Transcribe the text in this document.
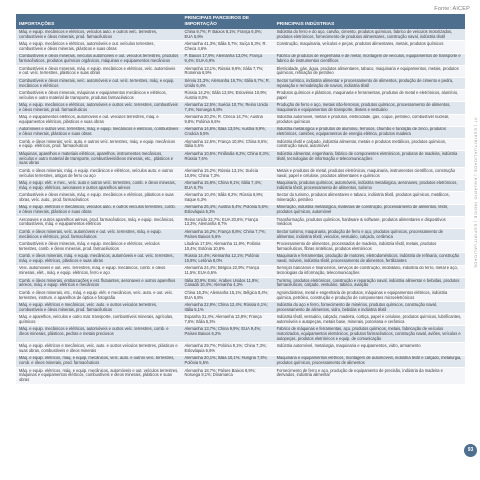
Fonte: AICEP
IMPORTAÇÕES	PRINCIPAIS PARCEIROS DE IMPORTAÇÃO	PRINCIPAIS INDÚSTRIAS
Máq. e equip. mecânicos e elétricos, veículos auto. e outros veíc. terrestres, combustíveis e óleos minerais, prod. farmacêuticos	China 9,7%; P. Baixos 8,1%; França 6,0%; EUA 5,9%	Indústria do ferro e do aço, carvão, cimento, produtos químicos, fabrico de veículos motorizados, produtos eletrónicos, fornecimento de produtos alimentares, construção naval, indústria têxtil
Máq. e equip. mecânicos e elétricos, automóveis e out. veículos terrestres, combustíveis e óleos minerais, plásticos e suas obras	Alemanha 41,3%; Itália 5,7%; Suíça 5,3%; R. Checa 4,6%	Construção, maquinaria, veículos e peças, produtos alimentares, metais, produtos químicos
Combustíveis e óleos minerais, veículos automóveis e out. veículos terrestres, produtos farmacêuticos, produtos químicos orgânicos, máquinas e equipamentos mecânicos	P. Baixos 17,9%; Alemanha 13,0%; França 9,4%; EUA 6,9%	Fabrico de produtos de engenharia e de metal, montagem de veículos, equipamentos de transporte e fabrico de instrumentos científicos
Combustíveis e óleos minerais, máq. e equip. mecânicos e elétricos, veíc. automóveis e out. veíc. terrestres, plásticos e suas obras	Alemanha 13,1%; Rússia 9,9%; Itália 7,7%; Roménia 6,9%	Eletricidade, gás, água, produtos alimentares, tabaco, maquinaria e equipamentos, metais, produtos químicos, refinação de petróleo
Combustíveis e óleos minerais, veíc. automóveis e out. veíc. terrestres, máq. e equip. mecânicos e elétricos	Sérvia 21,3%; Alemanha 16,7%; Itália 6,7%; R. Unido 6,4%	Sector turístico, indústria alimentar e processamento de alimentos, produção de cimento e pedra, reparação e remodelação de navios, indústria têxtil
Combustíveis e óleos minerais, máquinas e equipamentos mecânicos e elétricos, veículos e outro material de transporte, produtos farmacêuticos	Rússia 14,2%; Itália 12,5%; Eslovénia 10,9%; Áustria 8,0%	Produtos químicos e plásticos, maquinaria e ferramentas, produtos de metal e eletrónicos, alumínio, papel
Máq. e equip. mecânicos e elétricos, automóveis e outros veíc. terrestres, combustíveis e óleos minerais, prod. farmacêuticos	Alemanha 12,5%; Suécia 10,7%; Reino Unido 7,4%; Noruega 5,8%	Produção de ferro e aço, metais não-ferrosos, produtos químicos, processamento de alimentos, maquinaria e equipamentos de transporte, têxteis e vestuário
Máq. e equipamentos elétricos, automóveis e out. veículos terrestres, máq. e equipamentos elétricos, plásticos e suas obras	Alemanha 20,2%; R. Checa 14,7%; Áustria 9,8%; Polónia 6,6%	Indústria automóvel, metais e produtos, eletricidade, gás, coque, petróleo, combustível nuclear, produtos químicos
Automóveis e outros veíc. terrestres, máq. e equip. mecânicos e elétricos, combustíveis e óleos minerais, plásticos e suas obras	Alemanha 14,6%; Itália 13,5%; Áustria 9,9%; Croácia 5,5%	Indústria metalúrgica e produtos de alumínio, ferrosos, chumbo e fundição de zinco, produtos eletrónicos, camiões, equipamentos de energia elétrica, produtos madeira
Comb. e óleos minerais; veíc. auto. e outros veíc. terrestres, máq. e equip. mecânicos e equip. elétricos, prod. farmacêuticos	Alemanha 12,6%; França 10,8%; China 8,6%; Itália 6,6%	Indústria têxtil e calçado, indústria alimentar, metais e produtos metálicos, produtos químicos, construção naval, automóvel
Máquinas, aparelhos e materiais elétricos, aparelhos, instrumentos mecânicos, veículos e outro material de transporte, combustíveis/óleos minerais, etc., plásticos e suas obras	Alemanha 10,5%; Finlândia 9,2%; China 8,3%; Rússia 7,6%	Indústria alimentar, engenharia, fabrico de componentes eletrónicos, produtos de madeira, indústria têxtil, tecnologias de informação e telecomunicações
Comb. e óleos minerais, máq. e equip. mecânicos e elétricos, veículos auto. e outros veículos terrestres, artigos de ferro ou aço	Alemanha 15,2%; Rússia 13,1%; Suécia 10,9%; China 7,3%	Metais e produtos de metal, produtos eletrónicos, maquinaria, instrumentos científicos, construção naval, papel e celulose, produtos alimentares e químicos
Máq. e equip. elét. e mec., veíc. auto e outros veíc. terrestres, comb. e óleos minerais, máq. e equip. elétricos, aeronaves e outros aparelhos aéreos	Alemanha 15,8%; China 9,1%; Itália 7,4%; EUA 6,7%	Maquinaria, produtos químicos, automóveis, indústria metalúrgica, aeronaves, produtos eletrónicos, indústria têxtil, processamento de alimentos, turismo
Combustíveis e óleos minerais, máq. e equip. mecânicos e elétricos, plásticos e suas obras, veíc. auto., prod. farmacêuticos	Alemanha 10,4%; Itália 8,2%; Rússia 6,8%; Iraque 6,3%	Sector do turismo, produtos alimentares e tabaco, indústria têxtil, produtos químicos, metálicos, mineração, petróleo
Máq. e equip. elétricos e mecânicos, veículos auto. e outros veículos terrestres, comb. e óleos minerais, plásticos e suas obras	Alemanha 26,4%; Áustria 6,4%; Polónia 5,6%; Eslováquia 5,3%	Mineração, indústria metalúrgica, materiais de construção, processamento de alimentos, têxtil, produtos químicos, automóvel
Aeronaves e outros aparelhos aéreos, prod. farmacêuticos, máq. e equip. mecânicos, combustíveis, máq. e equipamentos elétricos	Reino Unido 22,7%; EUA 20,6%; França 13,3%; Alemanha 8,7%	Transformação, produtos químicos, hardware & software, produtos alimentares e dispositivos médicos
Comb. e óleos minerais, veíc. automóveis e out. veíc. terrestres, máq. e equip. mecânicos e elétricos, prod. farmacêuticos	Alemanha 16,2%; França 8,8%; China 7,7%; Países Baixos 5,6%	Sector turismo, maquinaria, produção de ferro e aço, produtos químicos, processamento de alimentos, indústria têxtil, veículos, vestuário, calçado, cerâmica
Combustíveis e óleos minerais, máq. e equip. mecânicos e elétricos, veículos terrestres, comb. e óleos minerais, prod. farmacêuticos	Lituânia 17,5%; Alemanha 11,9%; Polónia 10,4%; Estónia 10,8%	Processamento de alimentos, processados de madeira, indústria têxtil, metais, produtos farmacêuticos, fibras sintéticas, produtos eletrónicos
Comb. e óleos minerais, máq. e equip. mecânicos, automóveis e out. veíc. terrestres, máq. e equip. elétricos, plásticos e suas obras	Rússia 14,4%; Alemanha 12,1%; Polónia 10,8%; Letónia 8,0%	Maquinaria e ferramentas, produção de motores, eletrodomésticos, indústria de refinaria, construção naval, móveis, indústria têxtil, processamento de alimentos, fertilizantes
Veíc. automóveis e out. veíc. terrestres, máq. e equip. mecânicos, comb. e óleos minerais, elét., máq. e equip. elétricos, ferro e aço	Alemanha 24,4%; Bélgica 22,9%; França 11,5%; EUA 6,6%	Serviços bancários e financeiros, serviços de construção, imobiliário, indústria do ferro, metal e aço, tecnologias da informação, telecomunicações
Comb. e óleos minerais, embarcações e est. flutuantes, aeronaves e outros aparelhos aéreos, máq. e equip. elétricos e mecânicos	Itália 20,9%; Emir. Árabes Unidos 11,8%; Canadá 10,4%; Alemanha 4,3%	Turismo, produtos eletrónicos, construção e reparação naval, indústria alimentar e bebidas, produtos farmacêuticos, calçado, vestuário, tabaco, aviação
Comb. e óleos minerais, etc., máq. e equip. elét. e mecânicos, veíc. auto. e out. veíc. terrestres, instrum. e aparelhos de óptica e fotografia	China 16,3%; Alemanha 15,1%; Bélgica 8,4%; EUA 6,8%	Agroindústrias, metal e engenharia de produtos, máquinas e equipamentos elétricos, indústria química, petróleo, construção e produção de componentes microeletrónicos
Máq. e equip. elétricos e mecânicos, veíc. auto. e outros veículos terrestres, combustíveis e óleos minerais, prod. farmacêuticos	Alemanha 22,9%; China 12,4%; Rússia 6,1%; Itália 5,1%	Indústria do aço e ferro, fornecimento de minérios, produtos químicos, construção naval, processamento de alimentos, vidro, bebidas e indústria têxtil
Máq. e aparelhos, veículos e outro mat. transporte, combustíveis minerais, agrícolas, químicos	Espanha 31,4%; Alemanha 13,8%; França 7,6%; Itália 5,3%	Indústria têxtil, vestuário, calçado, madeira, cortiça, papel e celulose, produtos químicos, lubrificantes, automóveis e autopeças, metais base, minerais, porcelana e cerâmica
Máq. e equip. mecânicos e elétricos, automóveis e outros veíc. terrestres, comb. e óleos minerais, plásticos, pedras e metais preciosos	Alemanha 13,7%; China 9,9%; EUA 9,4%; Países Baixos 6,2%	Fabrico de máquinas e ferramentas, aço, produtos químicos, metais, fabricação de veículos motorizados, equipamentos eletrónicos, produtos farmacêuticos, construção naval, aviões, veículos e autopeças, produtos eletrónicos e equip. de comunicação
Máq. e equip. elétricos e mecânicos, veíc. auto. e outros veículos terrestres, plásticos e suas obras, combustíveis e óleos minerais	Alemanha 29,7%; Polónia 9,1%; China 7,3%; Eslováquia 6,6%	Indústria automóvel, metalurgia, maquinaria e equipamentos, vidro, armamento
Máq. e equip. elétricos, máq. e equip. mecânicos, veíc. auto. e outros veíc. terrestres, comb. e óleos minerais, prod. farmacêuticos	Alemanha 20,1%; Itália 10,1%; Hungria 7,5%; Polónia 5,5%	Maquinaria e equipamentos elétricos, montagem de automóveis, indústria têxtil e calçado, metalurgia, produtos químicos, processamento de alimentos
Máq. e equip. elétricos, máq. e equip. mecânicos, automóveis e out. veículos terrestres, máquinas e equipamentos elétricos, combustíveis e óleos minerais, plásticos e suas obras	Alemanha 18,7%; Países Baixos 8,9%; Noruega 8,1%; Dinamarca	Fornecimento de ferro e aço, produção de equipamento de precisão, indústria da madeira e derivados, indústria alimentar
47 | ESPIRITUALIDADE | ANUÁRIO ÍNDICE | ESPIRITUALIDADE
93
